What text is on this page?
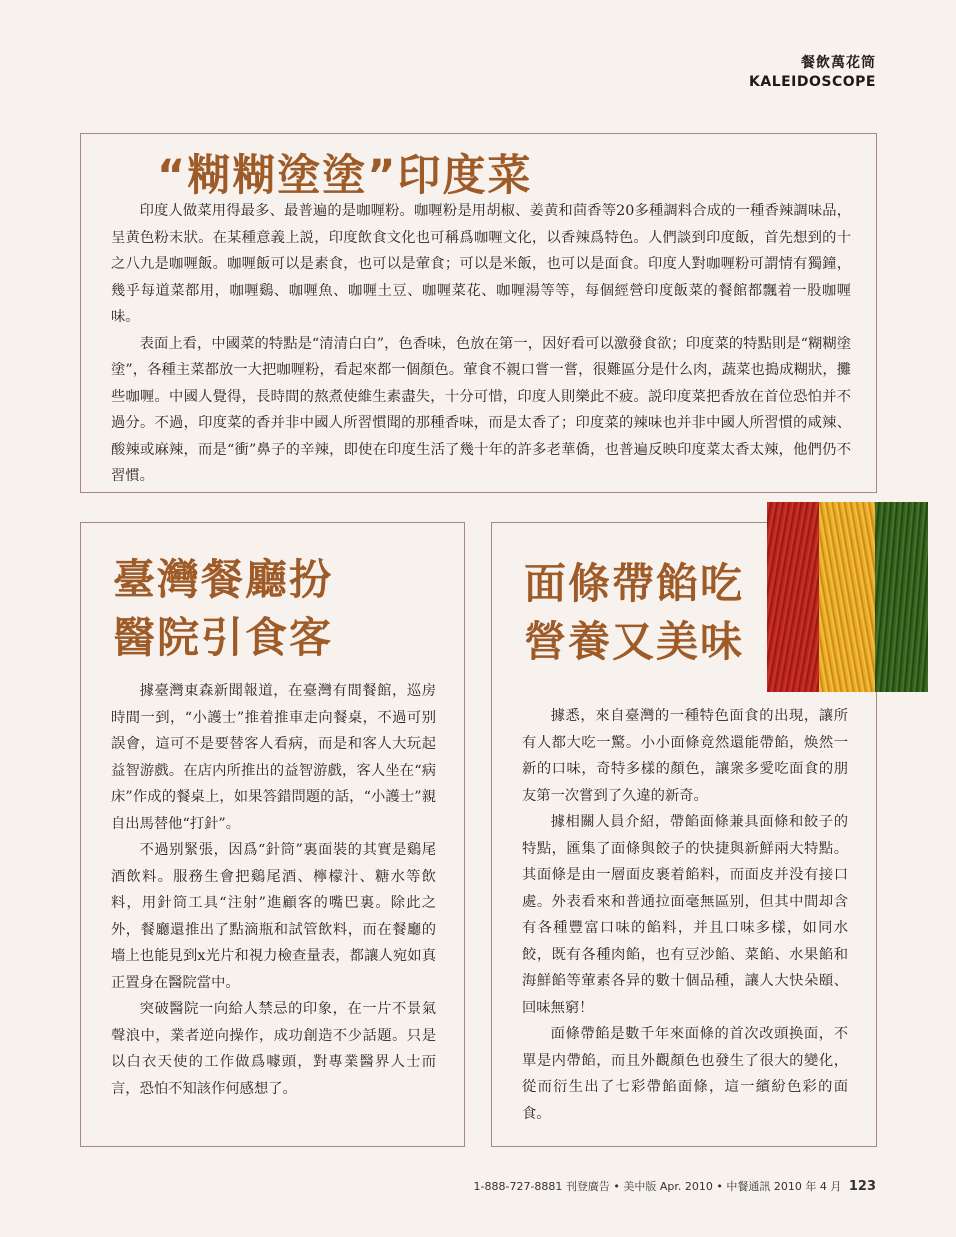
餐飲萬花筒
KALEIDOSCOPE
“糊糊塗塗”印度菜

印度人做菜用得最多、最普遍的是咖喱粉。咖喱粉是用胡椒、姜黄和茴香等20多種調料合成的一種香辣調味品，呈黄色粉末狀。在某種意義上説，印度飲食文化也可稱爲咖喱文化，以香辣爲特色。人們談到印度飯，首先想到的十之八九是咖喱飯。咖喱飯可以是素食，也可以是葷食；可以是米飯，也可以是面食。印度人對咖喱粉可謂情有獨鐘，幾乎每道菜都用，咖喱鷄、咖喱魚、咖喱土豆、咖喱菜花、咖喱湯等等，每個經營印度飯菜的餐館都飄着一股咖喱味。

表面上看，中國菜的特點是“清清白白”，色香味，色放在第一，因好看可以激發食欲；印度菜的特點則是“糊糊塗塗”，各種主菜都放一大把咖喱粉，看起來都一個顏色。葷食不親口嘗一嘗，很難區分是什么肉，蔬菜也搗成糊狀，攤些咖喱。中國人覺得，長時間的熬煮使維生素盡失，十分可惜，印度人則樂此不疲。説印度菜把香放在首位恐怕并不過分。不過，印度菜的香并非中國人所習慣聞的那種香味，而是太香了；印度菜的辣味也并非中國人所習慣的咸辣、酸辣或麻辣，而是“衝”鼻子的辛辣，即使在印度生活了幾十年的許多老華僑，也普遍反映印度菜太香太辣，他們仍不習慣。

臺灣餐廳扮
醫院引食客

據臺灣東森新聞報道，在臺灣有間餐館，巡房時間一到，“小護士”推着推車走向餐桌，不過可别誤會，這可不是要替客人看病，而是和客人大玩起益智游戲。在店内所推出的益智游戲，客人坐在“病床”作成的餐桌上，如果答錯問題的話，“小護士”親自出馬替他“打針”。

不過别緊張，因爲“針筒”裏面裝的其實是鷄尾酒飲料。服務生會把鷄尾酒、檸檬汁、糖水等飲料，用針筒工具“注射”進顧客的嘴巴裏。除此之外，餐廳還推出了點滴瓶和試管飲料，而在餐廳的墻上也能見到x光片和視力檢查量表，都讓人宛如真正置身在醫院當中。

突破醫院一向給人禁忌的印象，在一片不景氣聲浪中，業者逆向操作，成功創造不少話題。只是以白衣天使的工作做爲噱頭，對專業醫界人士而言，恐怕不知該作何感想了。

面條帶餡吃
營養又美味

據悉，來自臺灣的一種特色面食的出現，讓所有人都大吃一驚。小小面條竟然還能帶餡，焕然一新的口味，奇特多樣的顏色，讓衆多愛吃面食的朋友第一次嘗到了久違的新奇。

據相關人員介紹，帶餡面條兼具面條和餃子的特點，匯集了面條與餃子的快捷與新鮮兩大特點。其面條是由一層面皮裹着餡料，而面皮并没有接口處。外表看來和普通拉面毫無區别，但其中間却含有各種豐富口味的餡料，并且口味多樣，如同水餃，既有各種肉餡，也有豆沙餡、菜餡、水果餡和海鮮餡等葷素各异的數十個品種，讓人大快朵頤、回味無窮！

面條帶餡是數千年來面條的首次改頭换面，不單是内帶餡，而且外觀顏色也發生了很大的變化，從而衍生出了七彩帶餡面條，這一繽紛色彩的面食。

1-888-727-8881 刊登廣告 • 美中版 Apr. 2010 • 中餐通訊 2010 年 4 月 123
